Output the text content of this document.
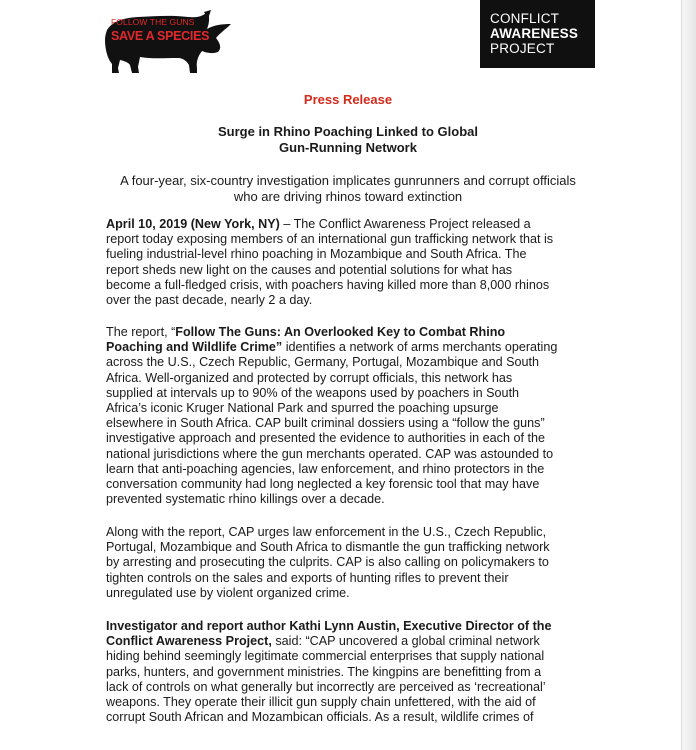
FOLLOW THE GUNS
SAVE A SPECIES
CONFLICT
AWARENESS
PROJECT
Press Release
Surge in Rhino Poaching Linked to Global
Gun-Running Network
A four-year, six-country investigation implicates gunrunners and corrupt officials
who are driving rhinos toward extinction
April 10, 2019 (New York, NY) – The Conflict Awareness Project released a
report today exposing members of an international gun trafficking network that is
fueling industrial-level rhino poaching in Mozambique and South Africa. The
report sheds new light on the causes and potential solutions for what has
become a full-fledged crisis, with poachers having killed more than 8,000 rhinos
over the past decade, nearly 2 a day.
The report, “Follow The Guns: An Overlooked Key to Combat Rhino
Poaching and Wildlife Crime” identifies a network of arms merchants operating
across the U.S., Czech Republic, Germany, Portugal, Mozambique and South
Africa. Well-organized and protected by corrupt officials, this network has
supplied at intervals up to 90% of the weapons used by poachers in South
Africa’s iconic Kruger National Park and spurred the poaching upsurge
elsewhere in South Africa. CAP built criminal dossiers using a “follow the guns”
investigative approach and presented the evidence to authorities in each of the
national jurisdictions where the gun merchants operated. CAP was astounded to
learn that anti-poaching agencies, law enforcement, and rhino protectors in the
conversation community had long neglected a key forensic tool that may have
prevented systematic rhino killings over a decade.
Along with the report, CAP urges law enforcement in the U.S., Czech Republic,
Portugal, Mozambique and South Africa to dismantle the gun trafficking network
by arresting and prosecuting the culprits. CAP is also calling on policymakers to
tighten controls on the sales and exports of hunting rifles to prevent their
unregulated use by violent organized crime.
Investigator and report author Kathi Lynn Austin, Executive Director of the
Conflict Awareness Project, said: “CAP uncovered a global criminal network
hiding behind seemingly legitimate commercial enterprises that supply national
parks, hunters, and government ministries. The kingpins are benefitting from a
lack of controls on what generally but incorrectly are perceived as ‘recreational’
weapons. They operate their illicit gun supply chain unfettered, with the aid of
corrupt South African and Mozambican officials. As a result, wildlife crimes of
